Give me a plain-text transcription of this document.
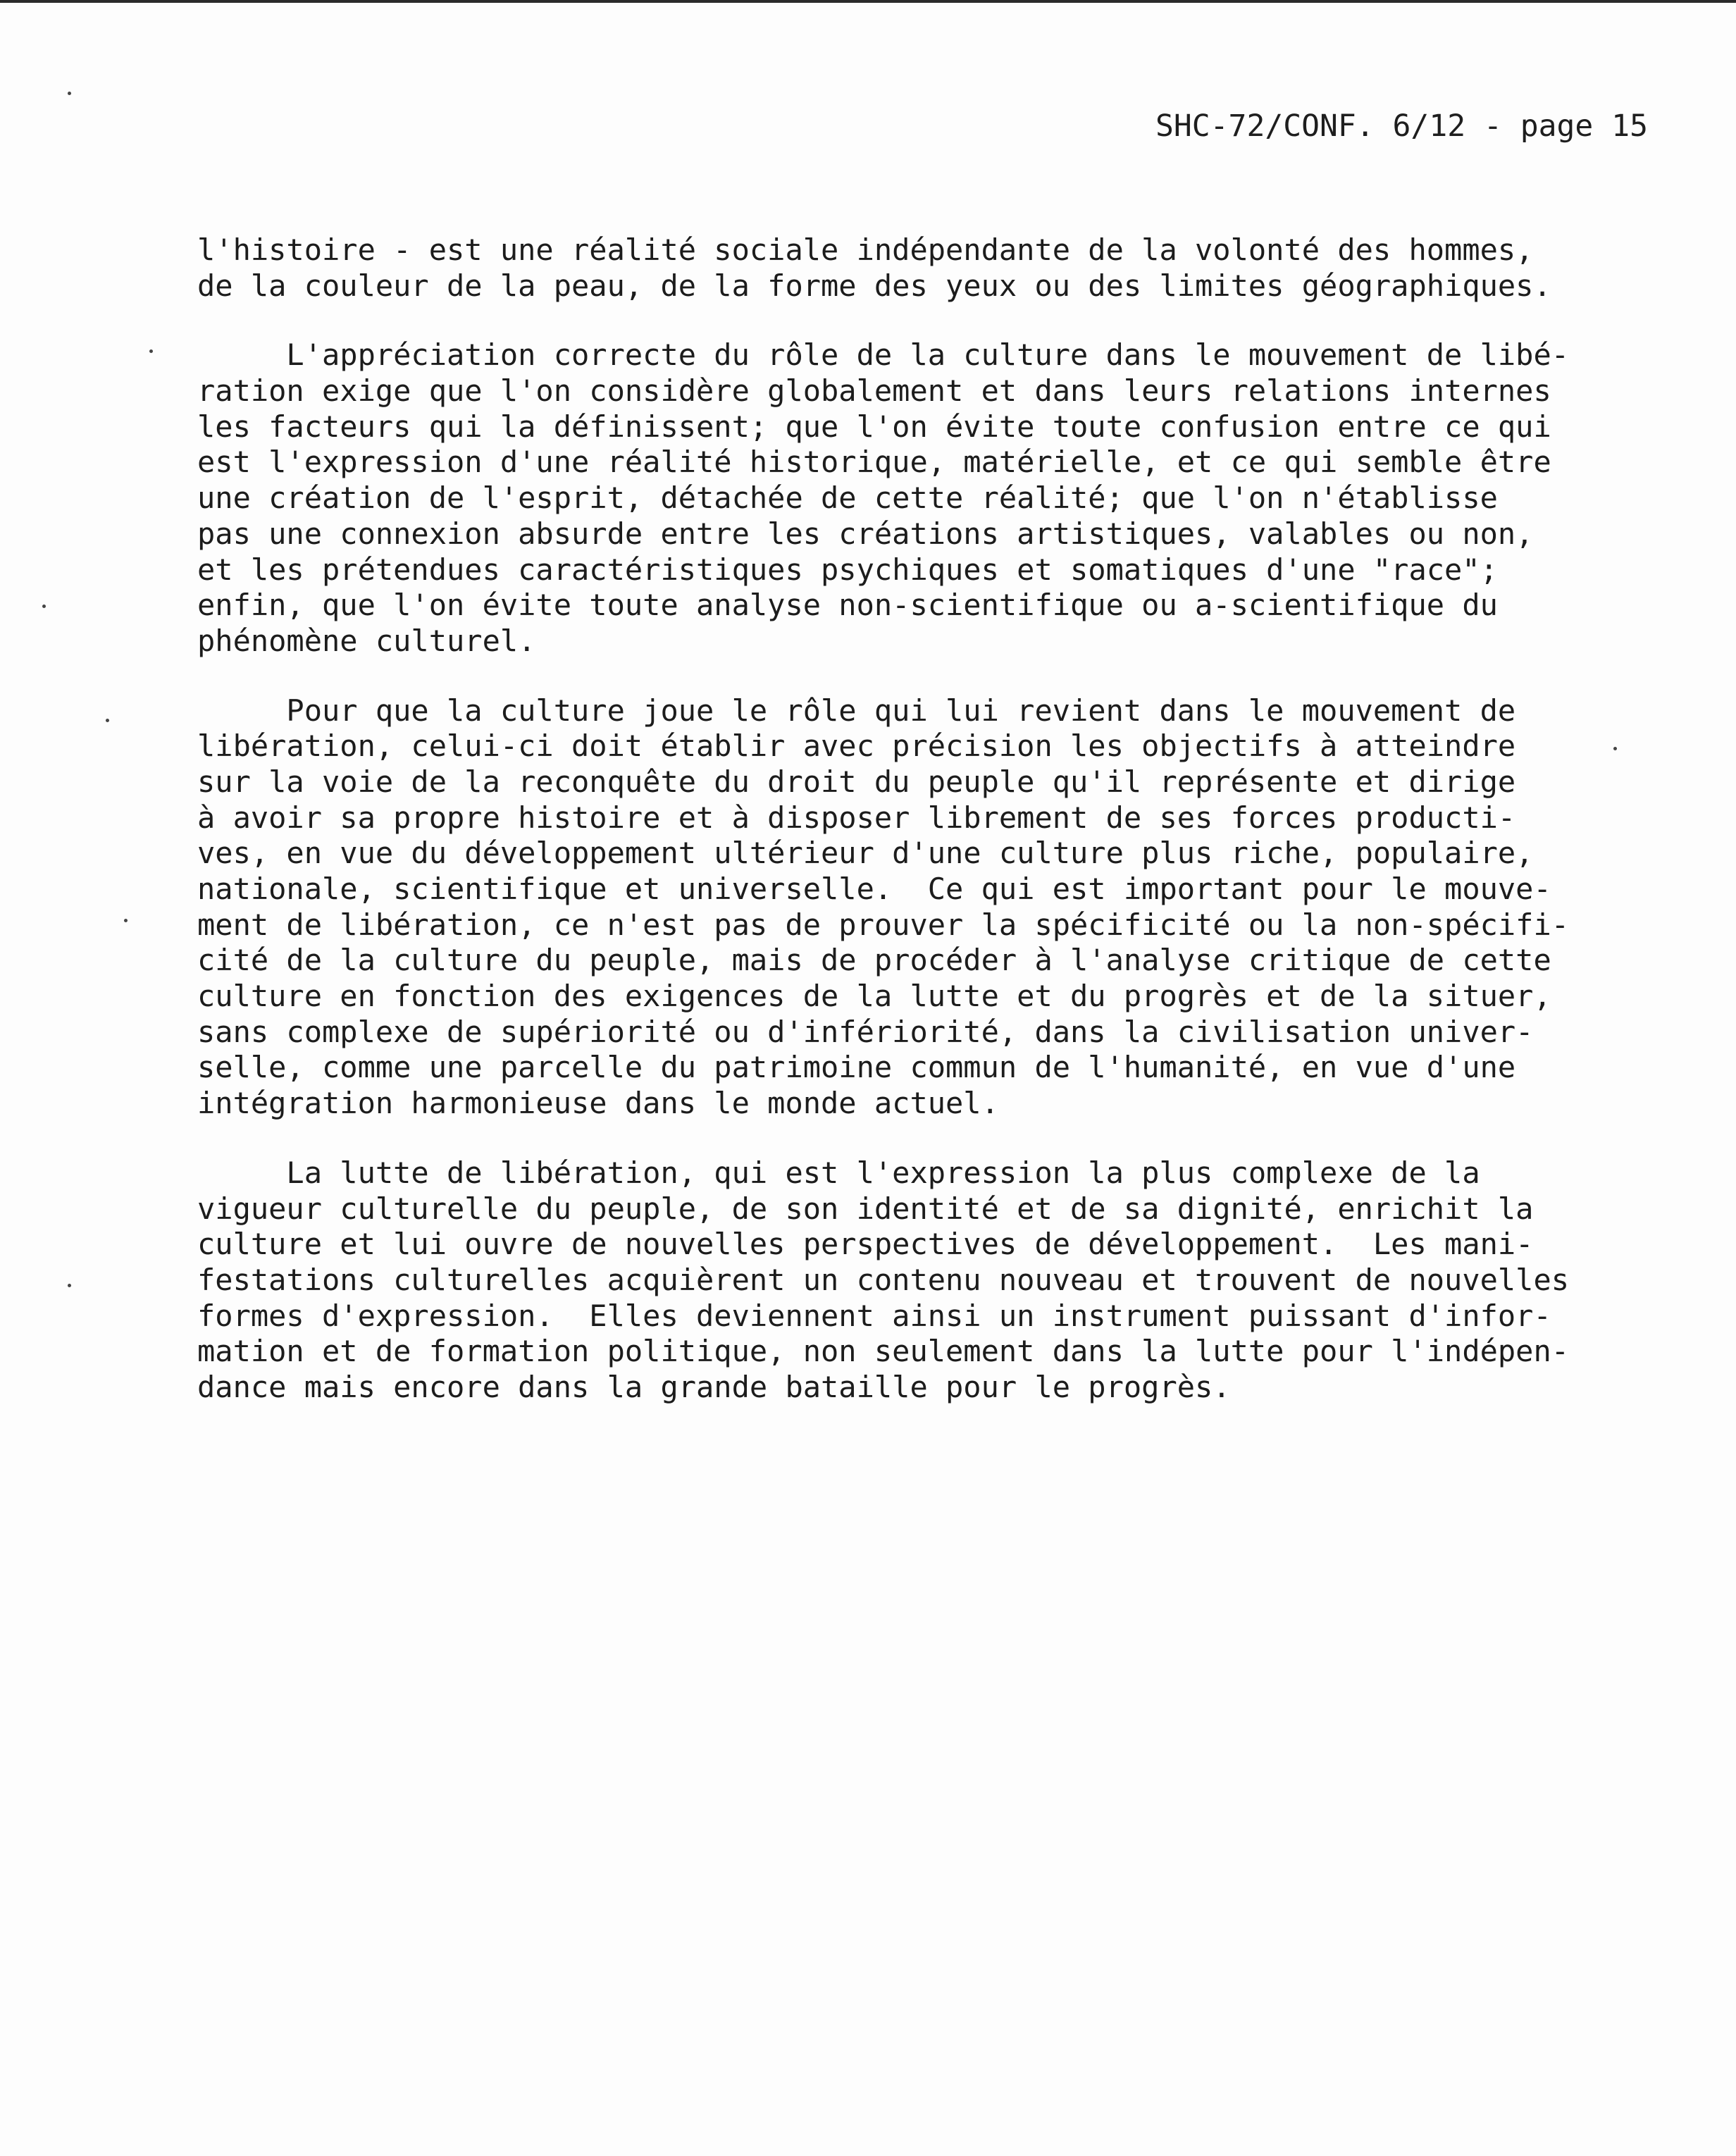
SHC-72/CONF. 6/12 - page 15
l'histoire - est une réalité sociale indépendante de la volonté des hommes,
de la couleur de la peau, de la forme des yeux ou des limites géographiques.
L'appréciation correcte du rôle de la culture dans le mouvement de libé-
ration exige que l'on considère globalement et dans leurs relations internes
les facteurs qui la définissent; que l'on évite toute confusion entre ce qui
est l'expression d'une réalité historique, matérielle, et ce qui semble être
une création de l'esprit, détachée de cette réalité; que l'on n'établisse
pas une connexion absurde entre les créations artistiques, valables ou non,
et les prétendues caractéristiques psychiques et somatiques d'une "race";
enfin, que l'on évite toute analyse non-scientifique ou a-scientifique du
phénomène culturel.
Pour que la culture joue le rôle qui lui revient dans le mouvement de
libération, celui-ci doit établir avec précision les objectifs à atteindre
sur la voie de la reconquête du droit du peuple qu'il représente et dirige
à avoir sa propre histoire et à disposer librement de ses forces producti-
ves, en vue du développement ultérieur d'une culture plus riche, populaire,
nationale, scientifique et universelle.  Ce qui est important pour le mouve-
ment de libération, ce n'est pas de prouver la spécificité ou la non-spécifi-
cité de la culture du peuple, mais de procéder à l'analyse critique de cette
culture en fonction des exigences de la lutte et du progrès et de la situer,
sans complexe de supériorité ou d'infériorité, dans la civilisation univer-
selle, comme une parcelle du patrimoine commun de l'humanité, en vue d'une
intégration harmonieuse dans le monde actuel.
La lutte de libération, qui est l'expression la plus complexe de la
vigueur culturelle du peuple, de son identité et de sa dignité, enrichit la
culture et lui ouvre de nouvelles perspectives de développement.  Les mani-
festations culturelles acquièrent un contenu nouveau et trouvent de nouvelles
formes d'expression.  Elles deviennent ainsi un instrument puissant d'infor-
mation et de formation politique, non seulement dans la lutte pour l'indépen-
dance mais encore dans la grande bataille pour le progrès.
